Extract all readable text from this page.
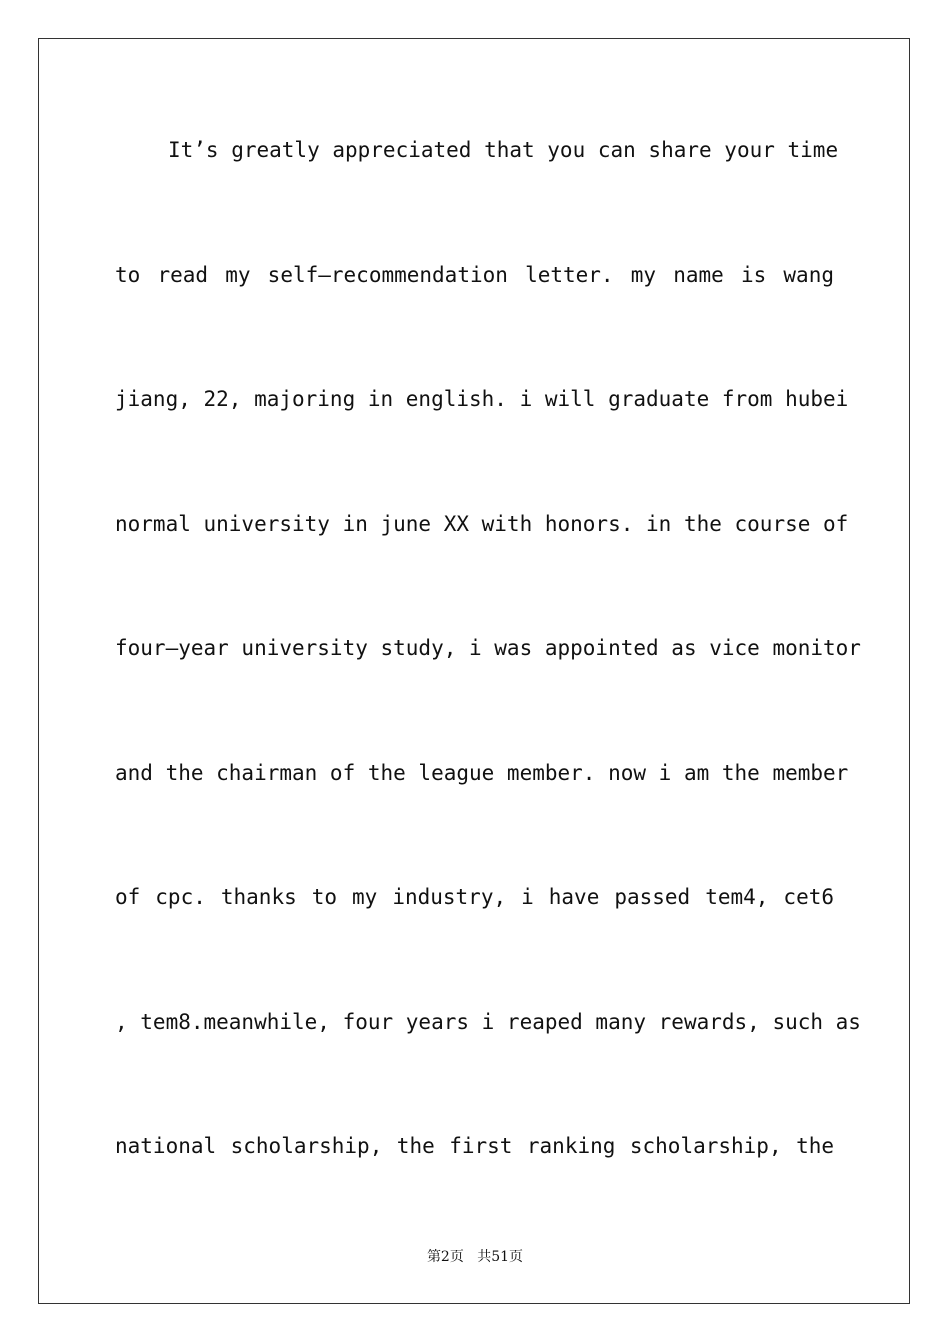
It’s greatly appreciated that you can share your time
to read my self—recommendation letter. my name is wang
jiang, 22, majoring in english. i will graduate from hubei
normal university in june XX with honors. in the course of
four—year university study, i was appointed as vice monitor
and the chairman of the league member. now i am the member
of cpc. thanks to my industry, i have passed tem4, cet6
, tem8.meanwhile, four years i reaped many rewards, such as
national scholarship, the first ranking scholarship, the
第2页 共51页
